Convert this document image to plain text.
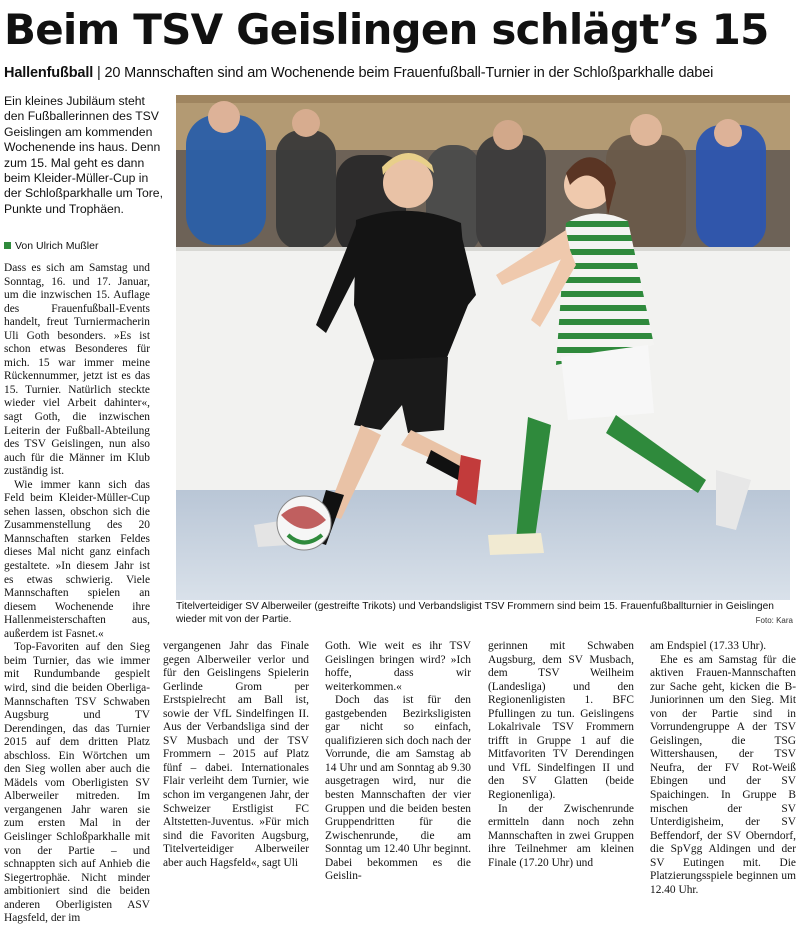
Beim TSV Geislingen schlägt’s 15
Hallenfußball | 20 Mannschaften sind am Wochenende beim Frauenfußball-Turnier in der Schloßparkhalle dabei
Ein kleines Jubiläum steht den Fußballerinnen des TSV Geislingen am kommenden Wochenende ins haus. Denn zum 15. Mal geht es dann beim Kleider-Müller-Cup in der Schloßparkhalle um Tore, Punkte und Trophäen.
Von Ulrich Mußler
Titelverteidiger SV Alberweiler (gestreifte Trikots) und Verbandsligist TSV Frommern sind beim 15. Frauenfußballturnier in Geislingen wieder mit von der Partie.	Foto: Kara

Dass es sich am Samstag und Sonntag, 16. und 17. Januar, um die inzwischen 15. Auflage des Frauenfußball-Events handelt, freut Turniermacherin Uli Goth besonders. »Es ist schon etwas Besonderes für mich. 15 war immer meine Rückennummer, jetzt ist es das 15. Turnier. Natürlich steckte wieder viel Arbeit dahinter«, sagt Goth, die inzwischen Leiterin der Fußball-Abteilung des TSV Geislingen, nun also auch für die Männer im Klub zuständig ist.

Wie immer kann sich das Feld beim Kleider-Müller-Cup sehen lassen, obschon sich die Zusammenstellung des 20 Mannschaften starken Feldes dieses Mal nicht ganz einfach gestaltete. »In diesem Jahr ist es etwas schwierig. Viele Mannschaften spielen an diesem Wochenende ihre Hallenmeisterschaften aus, außerdem ist Fasnet.«

Top-Favoriten auf den Sieg beim Turnier, das wie immer mit Rundumbande gespielt wird, sind die beiden Oberliga-Mannschaften TSV Schwaben Augsburg und TV Derendingen, das das Turnier 2015 auf dem dritten Platz abschloss. Ein Wörtchen um den Sieg wollen aber auch die Mädels vom Oberligisten SV Alberweiler mitreden. Im vergangenen Jahr waren sie zum ersten Mal in der Geislinger Schloßparkhalle mit von der Partie – und schnappten sich auf Anhieb die Siegertrophäe. Nicht minder ambitioniert sind die beiden anderen Oberligisten ASV Hagsfeld, der im

vergangenen Jahr das Finale gegen Alberweiler verlor und für den Geislingens Spielerin Gerlinde Grom per Erstspielrecht am Ball ist, sowie der VfL Sindelfingen II. Aus der Verbandsliga sind der SV Musbach und der TSV Frommern – 2015 auf Platz fünf – dabei. Internationales Flair verleiht dem Turnier, wie schon im vergangenen Jahr, der Schweizer Erstligist FC Altstetten-Juventus. »Für mich sind die Favoriten Augsburg, Titelverteidiger Alberweiler aber auch Hagsfeld«, sagt Uli

Goth. Wie weit es ihr TSV Geislingen bringen wird? »Ich hoffe, dass wir weiterkommen.«

Doch das ist für den gastgebenden Bezirksligisten gar nicht so einfach, qualifizieren sich doch nach der Vorrunde, die am Samstag ab 14 Uhr und am Sonntag ab 9.30 ausgetragen wird, nur die besten Mannschaften der vier Gruppen und die beiden besten Gruppendritten für die Zwischenrunde, die am Sonntag um 12.40 Uhr beginnt. Dabei bekommen es die Geislin-

gerinnen mit Schwaben Augsburg, dem SV Musbach, dem TSV Weilheim (Landesliga) und den Regionenligisten 1. BFC Pfullingen zu tun. Geislingens Lokalrivale TSV Frommern trifft in Gruppe 1 auf die Mitfavoriten TV Derendingen und VfL Sindelfingen II und den SV Glatten (beide Regionenliga).

In der Zwischenrunde ermitteln dann noch zehn Mannschaften in zwei Gruppen ihre Teilnehmer am kleinen Finale (17.20 Uhr) und

am Endspiel (17.33 Uhr).

Ehe es am Samstag für die aktiven Frauen-Mannschaften zur Sache geht, kicken die B-Juniorinnen um den Sieg. Mit von der Partie sind in Vorrundengruppe A der TSV Geislingen, die TSG Wittershausen, der TSV Neufra, der FV Rot-Weiß Ebingen und der SV Spaichingen. In Gruppe B mischen der SV Unterdigisheim, der SV Beffendorf, der SV Oberndorf, die SpVgg Aldingen und der SV Eutingen mit. Die Platzierungsspiele beginnen um 12.40 Uhr.
